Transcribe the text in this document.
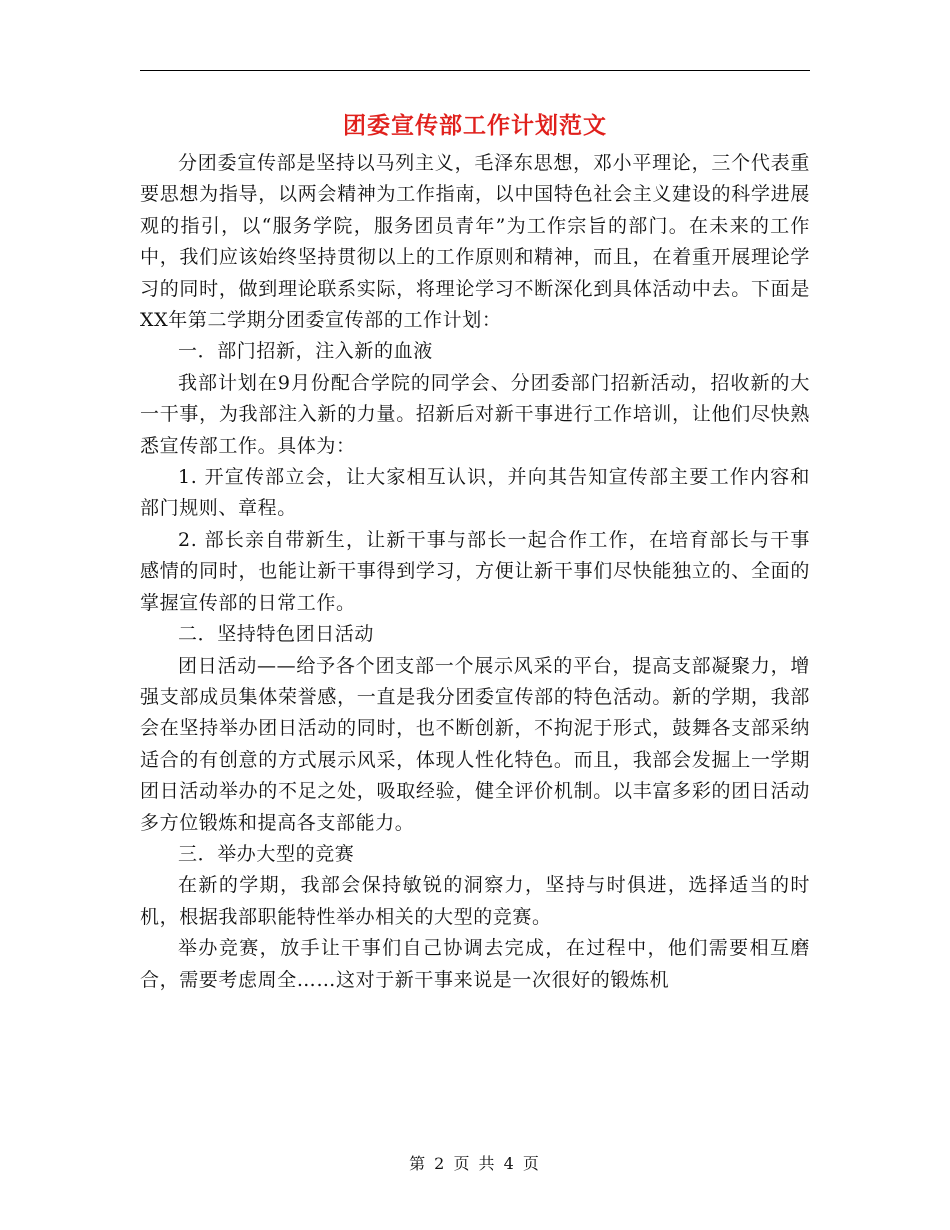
团委宣传部工作计划范文

分团委宣传部是坚持以马列主义，毛泽东思想，邓小平理论，三个代表重要思想为指导，以两会精神为工作指南，以中国特色社会主义建设的科学进展观的指引，以“服务学院，服务团员青年”为工作宗旨的部门。在未来的工作中，我们应该始终坚持贯彻以上的工作原则和精神，而且，在着重开展理论学习的同时，做到理论联系实际，将理论学习不断深化到具体活动中去。下面是XX年第二学期分团委宣传部的工作计划：

一．部门招新，注入新的血液

我部计划在9月份配合学院的同学会、分团委部门招新活动，招收新的大一干事，为我部注入新的力量。招新后对新干事进行工作培训，让他们尽快熟悉宣传部工作。具体为：

1. 开宣传部立会，让大家相互认识，并向其告知宣传部主要工作内容和部门规则、章程。

2. 部长亲自带新生，让新干事与部长一起合作工作，在培育部长与干事感情的同时，也能让新干事得到学习，方便让新干事们尽快能独立的、全面的掌握宣传部的日常工作。

二．坚持特色团日活动

团日活动——给予各个团支部一个展示风采的平台，提高支部凝聚力，增强支部成员集体荣誉感，一直是我分团委宣传部的特色活动。新的学期，我部会在坚持举办团日活动的同时，也不断创新，不拘泥于形式，鼓舞各支部采纳适合的有创意的方式展示风采，体现人性化特色。而且，我部会发掘上一学期团日活动举办的不足之处，吸取经验，健全评价机制。以丰富多彩的团日活动多方位锻炼和提高各支部能力。

三．举办大型的竞赛

在新的学期，我部会保持敏锐的洞察力，坚持与时俱进，选择适当的时机，根据我部职能特性举办相关的大型的竞赛。

举办竞赛，放手让干事们自己协调去完成，在过程中，他们需要相互磨合，需要考虑周全……这对于新干事来说是一次很好的锻炼机

第 2 页 共 4 页
